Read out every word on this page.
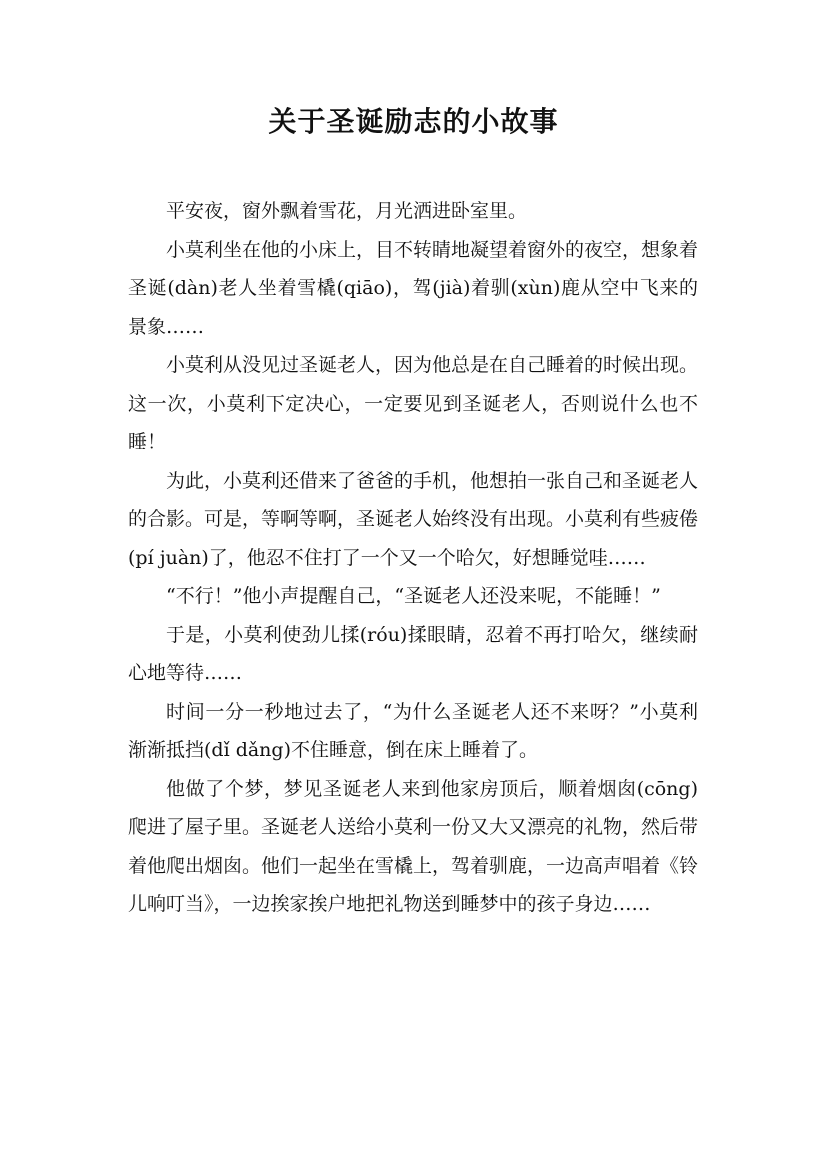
关于圣诞励志的小故事

平安夜，窗外飘着雪花，月光洒进卧室里。

小莫利坐在他的小床上，目不转睛地凝望着窗外的夜空，想象着圣诞(dàn)老人坐着雪橇(qiāo)，驾(jià)着驯(xùn)鹿从空中飞来的景象……

小莫利从没见过圣诞老人，因为他总是在自己睡着的时候出现。这一次，小莫利下定决心，一定要见到圣诞老人，否则说什么也不睡！

为此，小莫利还借来了爸爸的手机，他想拍一张自己和圣诞老人的合影。可是，等啊等啊，圣诞老人始终没有出现。小莫利有些疲倦(pí juàn)了，他忍不住打了一个又一个哈欠，好想睡觉哇……

“不行！”他小声提醒自己，“圣诞老人还没来呢，不能睡！”

于是，小莫利使劲儿揉(róu)揉眼睛，忍着不再打哈欠，继续耐心地等待……

时间一分一秒地过去了，“为什么圣诞老人还不来呀？”小莫利渐渐抵挡(dǐ dǎng)不住睡意，倒在床上睡着了。

他做了个梦，梦见圣诞老人来到他家房顶后，顺着烟囱(cōng)爬进了屋子里。圣诞老人送给小莫利一份又大又漂亮的礼物，然后带着他爬出烟囱。他们一起坐在雪橇上，驾着驯鹿，一边高声唱着《铃儿响叮当》，一边挨家挨户地把礼物送到睡梦中的孩子身边……
